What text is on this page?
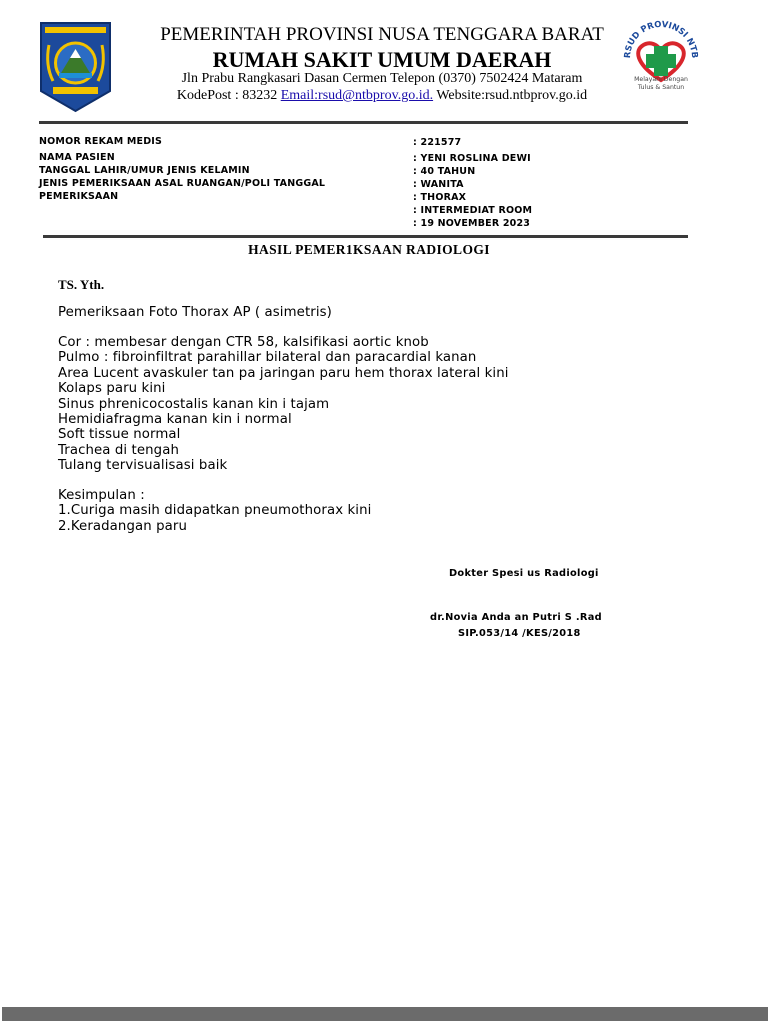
PEMERINTAH PROVINSI NUSA TENGGARA BARAT
RUMAH SAKIT UMUM DAERAH
Jln Prabu Rangkasari Dasan Cermen Telepon (0370) 7502424 Mataram
KodePost : 83232 Email:rsud@ntbprov.go.id. Website:rsud.ntbprov.go.id
RSUD PROVINSI NTB
Melayani Dengan Tulus & Santun
NOMOR REKAM MEDIS
NAMA PASIEN
TANGGAL LAHIR/UMUR JENIS KELAMIN
JENIS PEMERIKSAAN ASAL RUANGAN/POLI TANGGAL
PEMERIKSAAN
: 221577
: YENI ROSLINA DEWI
: 40 TAHUN
: WANITA
: THORAX
: INTERMEDIAT ROOM
: 19 NOVEMBER 2023
HASIL PEMER1KSAAN RADIOLOGI
TS. Yth.
Pemeriksaan Foto Thorax AP ( asimetris)
Cor : membesar dengan CTR 58, kalsifikasi aortic knob
Pulmo : fibroinfiltrat parahillar bilateral dan paracardial kanan
Area Lucent avaskuler tan pa jaringan paru hem thorax lateral kini
Kolaps paru kini
Sinus phrenicocostalis kanan kin i tajam
Hemidiafragma kanan kin i normal
Soft tissue normal
Trachea di tengah
Tulang tervisualisasi baik
Kesimpulan :
1.Curiga masih didapatkan pneumothorax kini
2.Keradangan paru
Dokter Spesi us Radiologi
dr.Novia Anda an Putri S .Rad
SIP.053/14 /KES/2018
